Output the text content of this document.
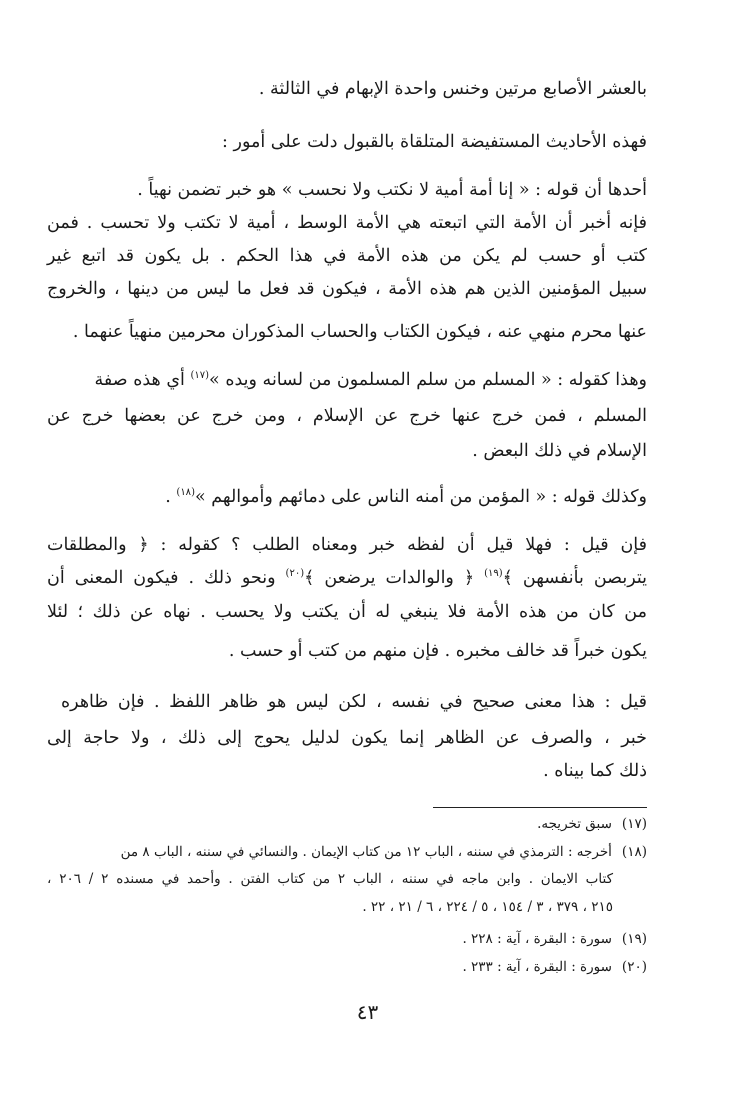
بالعشر الأصابع مرتين وخنس واحدة الإبهام في الثالثة .
فهذه الأحاديث المستفيضة المتلقاة بالقبول دلت على أمور :
أحدها أن قوله : « إنا أمة أمية لا نكتب ولا نحسب » هو خبر تضمن نهياً .
فإنه أخبر أن الأمة التي اتبعته هي الأمة الوسط ، أمية لا تكتب ولا تحسب . فمن
كتب أو حسب لم يكن من هذه الأمة في هذا الحكم . بل يكون قد اتبع غير
سبيل المؤمنين الذين هم هذه الأمة ، فيكون قد فعل ما ليس من دينها ، والخروج
عنها محرم منهي عنه ، فيكون الكتاب والحساب المذكوران محرمين منهياً عنهما .
وهذا كقوله : « المسلم من سلم المسلمون من لسانه ويده »$^{(١٧)}$ أي هذه صفة
المسلم ، فمن خرج عنها خرج عن الإسلام ، ومن خرج عن بعضها خرج عن
الإسلام في ذلك البعض .
وكذلك قوله : « المؤمن من أمنه الناس على دمائهم وأموالهم »$^{(١٨)}$ .
فإن قيل : فهلا قيل أن لفظه خبر ومعناه الطلب ؟ كقوله : ﴿ والمطلقات
يتربصن بأنفسهن ﴾$^{(١٩)}$ ﴿ والوالدات يرضعن ﴾$^{(٢٠)}$ ونحو ذلك . فيكون المعنى أن
من كان من هذه الأمة فلا ينبغي له أن يكتب ولا يحسب . نهاه عن ذلك ؛ لئلا
يكون خبراً قد خالف مخبره . فإن منهم من كتب أو حسب .
قيل : هذا معنى صحيح في نفسه ، لكن ليس هو ظاهر اللفظ . فإن ظاهره
خبر ، والصرف عن الظاهر إنما يكون لدليل يحوج إلى ذلك ، ولا حاجة إلى
ذلك كما بيناه .
(١٧)سبق تخريجه.
(١٨)أخرجه : الترمذي في سننه ، الباب ١٢ من كتاب الإيمان . والنسائي في سننه ، الباب ٨ من
كتاب الايمان . وابن ماجه في سننه ، الباب ٢ من كتاب الفتن . وأحمد في مسنده ٢ / ٢٠٦ ،
٢١٥ ، ٣٧٩ ، ٣ / ١٥٤ ، ٥ / ٢٢٤ ، ٦ / ٢١ ، ٢٢ .
(١٩)سورة : البقرة ، آية : ٢٢٨ .
(٢٠)سورة : البقرة ، آية : ٢٣٣ .
٤٣
